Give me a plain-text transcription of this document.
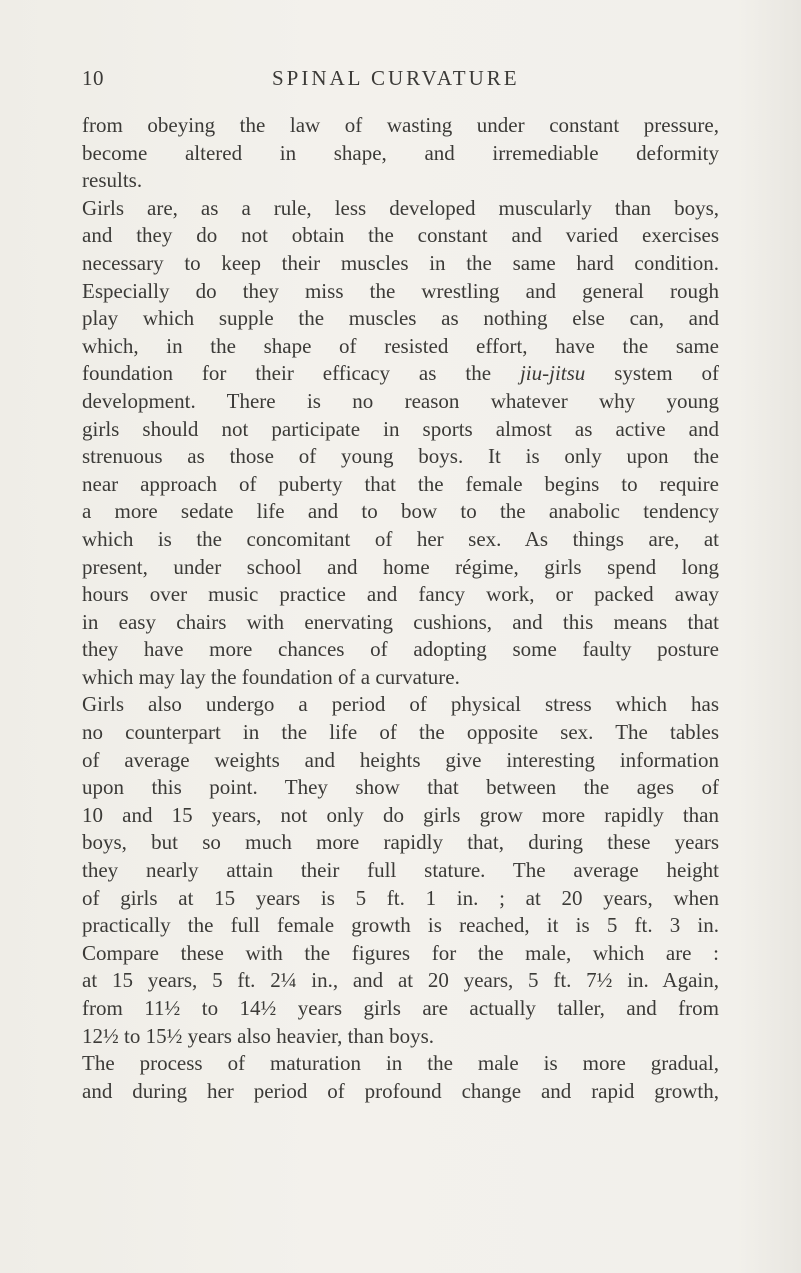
10	SPINAL CURVATURE
from obeying the law of wasting under constant pressure,
become altered in shape, and irremediable deformity
results.
Girls are, as a rule, less developed muscularly than boys,
and they do not obtain the constant and varied exercises
necessary to keep their muscles in the same hard condition.
Especially do they miss the wrestling and general rough
play which supple the muscles as nothing else can, and
which, in the shape of resisted effort, have the same
foundation for their efficacy as the jiu-jitsu system of
development. There is no reason whatever why young
girls should not participate in sports almost as active and
strenuous as those of young boys. It is only upon the
near approach of puberty that the female begins to require
a more sedate life and to bow to the anabolic tendency
which is the concomitant of her sex. As things are, at
present, under school and home régime, girls spend long
hours over music practice and fancy work, or packed away
in easy chairs with enervating cushions, and this means that
they have more chances of adopting some faulty posture
which may lay the foundation of a curvature.
Girls also undergo a period of physical stress which has
no counterpart in the life of the opposite sex. The tables
of average weights and heights give interesting information
upon this point. They show that between the ages of
10 and 15 years, not only do girls grow more rapidly than
boys, but so much more rapidly that, during these years
they nearly attain their full stature. The average height
of girls at 15 years is 5 ft. 1 in. ; at 20 years, when
practically the full female growth is reached, it is 5 ft. 3 in.
Compare these with the figures for the male, which are :
at 15 years, 5 ft. 2¼ in., and at 20 years, 5 ft. 7½ in. Again,
from 11½ to 14½ years girls are actually taller, and from
12½ to 15½ years also heavier, than boys.
The process of maturation in the male is more gradual,
and during her period of profound change and rapid growth,
